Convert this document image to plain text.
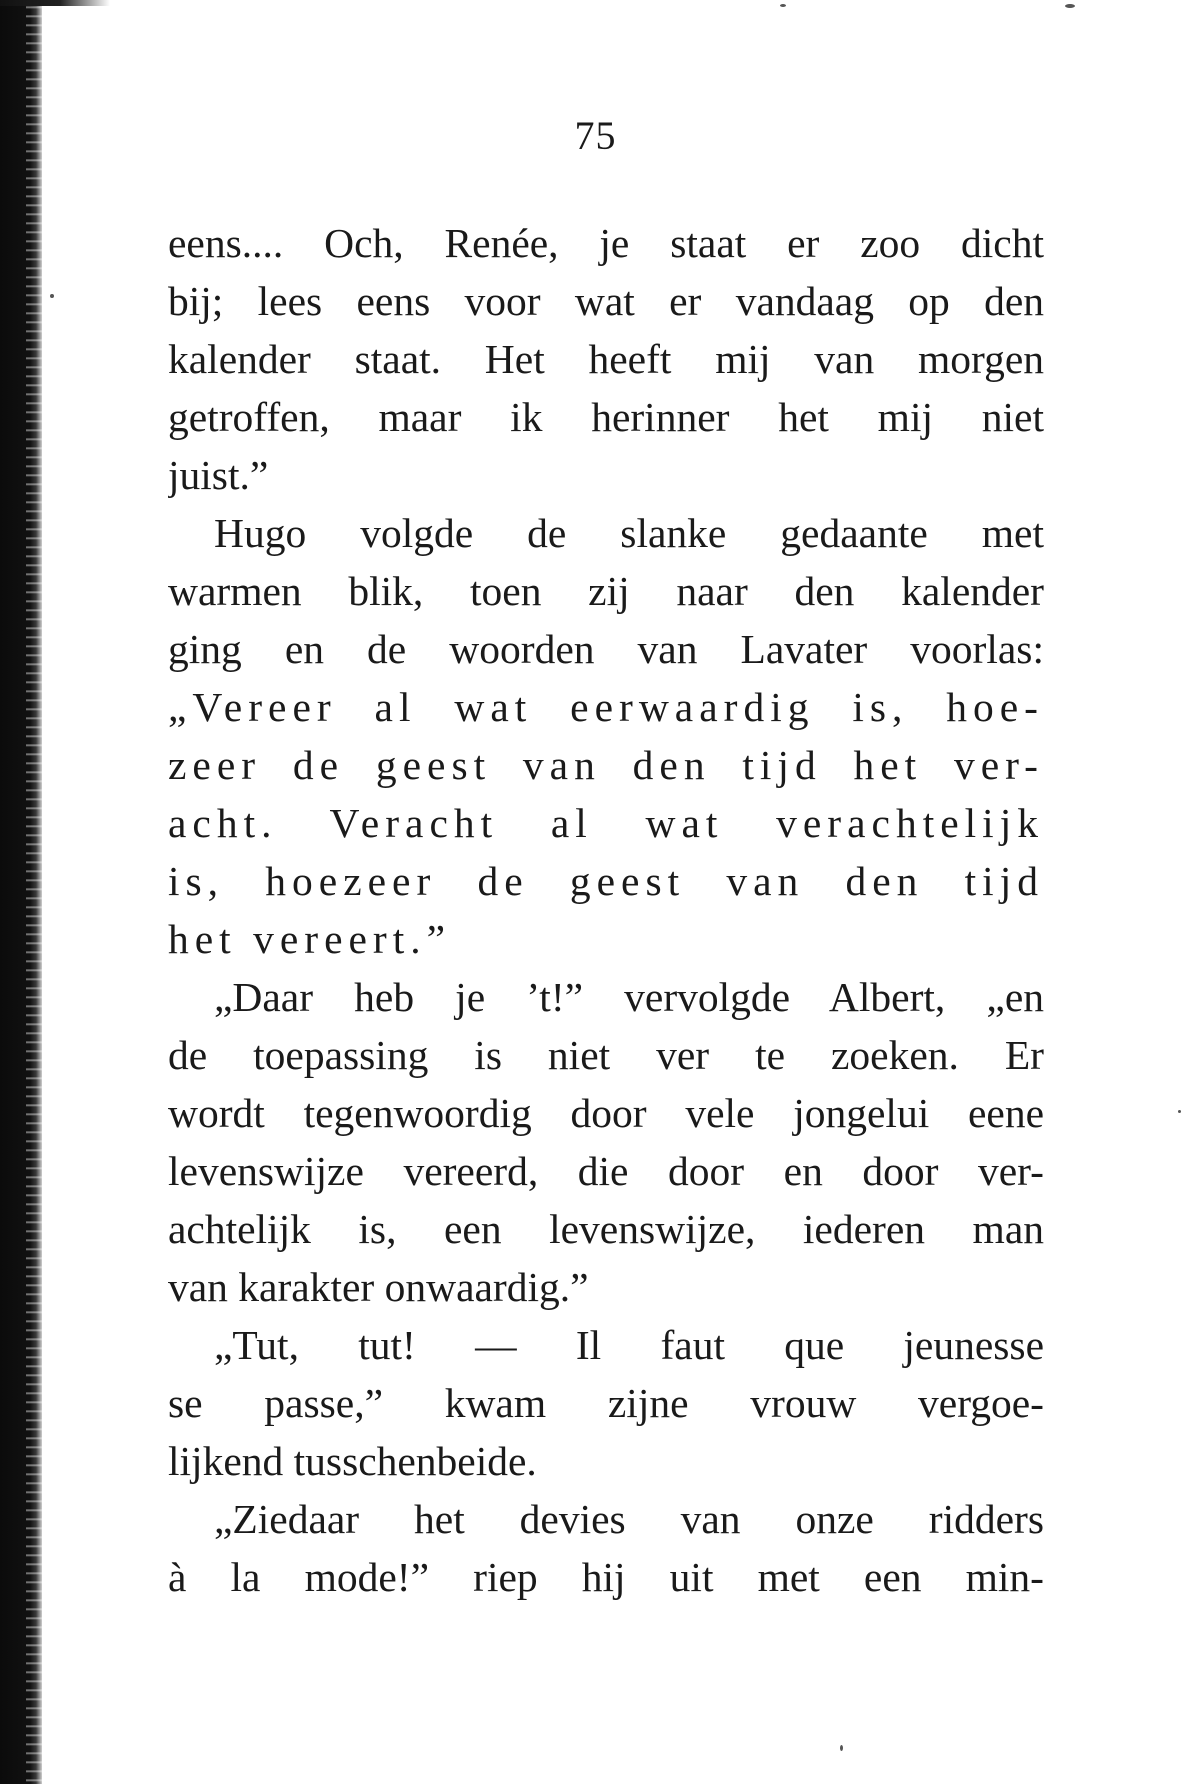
75
eens.... Och, Renée, je staat er zoo dicht
bij; lees eens voor wat er vandaag op den
kalender staat. Het heeft mij van morgen
getroffen, maar ik herinner het mij niet
juist.”
Hugo volgde de slanke gedaante met
warmen blik, toen zij naar den kalender
ging en de woorden van Lavater voorlas:
„Vereer al wat eerwaardig is, hoe-
zeer de geest van den tijd het ver-
acht. Veracht al wat verachtelijk
is, hoezeer de geest van den tijd
het vereert.”
„Daar heb je ’t!” vervolgde Albert, „en
de toepassing is niet ver te zoeken. Er
wordt tegenwoordig door vele jongelui eene
levenswijze vereerd, die door en door ver-
achtelijk is, een levenswijze, iederen man
van karakter onwaardig.”
„Tut, tut! — Il faut que jeunesse
se passe,” kwam zijne vrouw vergoe-
lijkend tusschenbeide.
„Ziedaar het devies van onze ridders
à la mode!” riep hij uit met een min-
